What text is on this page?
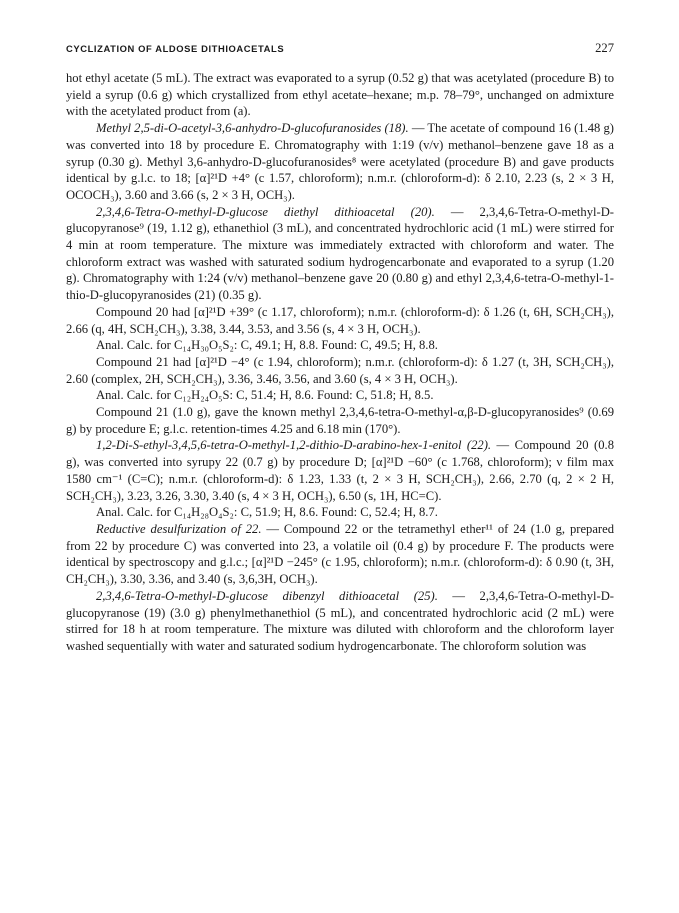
CYCLIZATION OF ALDOSE DITHIOACETALS	227

hot ethyl acetate (5 mL). The extract was evaporated to a syrup (0.52 g) that was acetylated (procedure B) to yield a syrup (0.6 g) which crystallized from ethyl acetate–hexane; m.p. 78–79°, unchanged on admixture with the acetylated product from (a).

Methyl 2,5-di-O-acetyl-3,6-anhydro-D-glucofuranosides (18). — The acetate of compound 16 (1.48 g) was converted into 18 by procedure E. Chromatography with 1:19 (v/v) methanol–benzene gave 18 as a syrup (0.30 g). Methyl 3,6-anhydro-D-glucofuranosides⁸ were acetylated (procedure B) and gave products identical by g.l.c. to 18; [α]²¹D +4° (c 1.57, chloroform); n.m.r. (chloroform-d): δ 2.10, 2.23 (s, 2 × 3 H, OCOCH₃), 3.60 and 3.66 (s, 2 × 3 H, OCH₃).

2,3,4,6-Tetra-O-methyl-D-glucose diethyl dithioacetal (20). — 2,3,4,6-Tetra-O-methyl-D-glucopyranose⁹ (19, 1.12 g), ethanethiol (3 mL), and concentrated hydrochloric acid (1 mL) were stirred for 4 min at room temperature. The mixture was immediately extracted with chloroform and water. The chloroform extract was washed with saturated sodium hydrogencarbonate and evaporated to a syrup (1.20 g). Chromatography with 1:24 (v/v) methanol–benzene gave 20 (0.80 g) and ethyl 2,3,4,6-tetra-O-methyl-1-thio-D-glucopyranosides (21) (0.35 g).

Compound 20 had [α]²¹D +39° (c 1.17, chloroform); n.m.r. (chloroform-d): δ 1.26 (t, 6H, SCH₂CH₃), 2.66 (q, 4H, SCH₂CH₃), 3.38, 3.44, 3.53, and 3.56 (s, 4 × 3 H, OCH₃).

Anal. Calc. for C₁₄H₃₀O₅S₂: C, 49.1; H, 8.8. Found: C, 49.5; H, 8.8.

Compound 21 had [α]²¹D −4° (c 1.94, chloroform); n.m.r. (chloroform-d): δ 1.27 (t, 3H, SCH₂CH₃), 2.60 (complex, 2H, SCH₂CH₃), 3.36, 3.46, 3.56, and 3.60 (s, 4 × 3 H, OCH₃).

Anal. Calc. for C₁₂H₂₄O₅S: C, 51.4; H, 8.6. Found: C, 51.8; H, 8.5.

Compound 21 (1.0 g), gave the known methyl 2,3,4,6-tetra-O-methyl-α,β-D-glucopyranosides⁹ (0.69 g) by procedure E; g.l.c. retention-times 4.25 and 6.18 min (170°).

1,2-Di-S-ethyl-3,4,5,6-tetra-O-methyl-1,2-dithio-D-arabino-hex-1-enitol (22). — Compound 20 (0.8 g), was converted into syrupy 22 (0.7 g) by procedure D; [α]²¹D −60° (c 1.768, chloroform); ν film max 1580 cm⁻¹ (C=C); n.m.r. (chloroform-d): δ 1.23, 1.33 (t, 2 × 3 H, SCH₂CH₃), 2.66, 2.70 (q, 2 × 2 H, SCH₂CH₃), 3.23, 3.26, 3.30, 3.40 (s, 4 × 3 H, OCH₃), 6.50 (s, 1H, HC=C).

Anal. Calc. for C₁₄H₂₈O₄S₂: C, 51.9; H, 8.6. Found: C, 52.4; H, 8.7.

Reductive desulfurization of 22. — Compound 22 or the tetramethyl ether¹¹ of 24 (1.0 g, prepared from 22 by procedure C) was converted into 23, a volatile oil (0.4 g) by procedure F. The products were identical by spectroscopy and g.l.c.; [α]²¹D −245° (c 1.95, chloroform); n.m.r. (chloroform-d): δ 0.90 (t, 3H, CH₂CH₃), 3.30, 3.36, and 3.40 (s, 3,6,3H, OCH₃).

2,3,4,6-Tetra-O-methyl-D-glucose dibenzyl dithioacetal (25). — 2,3,4,6-Tetra-O-methyl-D-glucopyranose (19) (3.0 g) phenylmethanethiol (5 mL), and concentrated hydrochloric acid (2 mL) were stirred for 18 h at room temperature. The mixture was diluted with chloroform and the chloroform layer washed sequentially with water and saturated sodium hydrogencarbonate. The chloroform solution was
